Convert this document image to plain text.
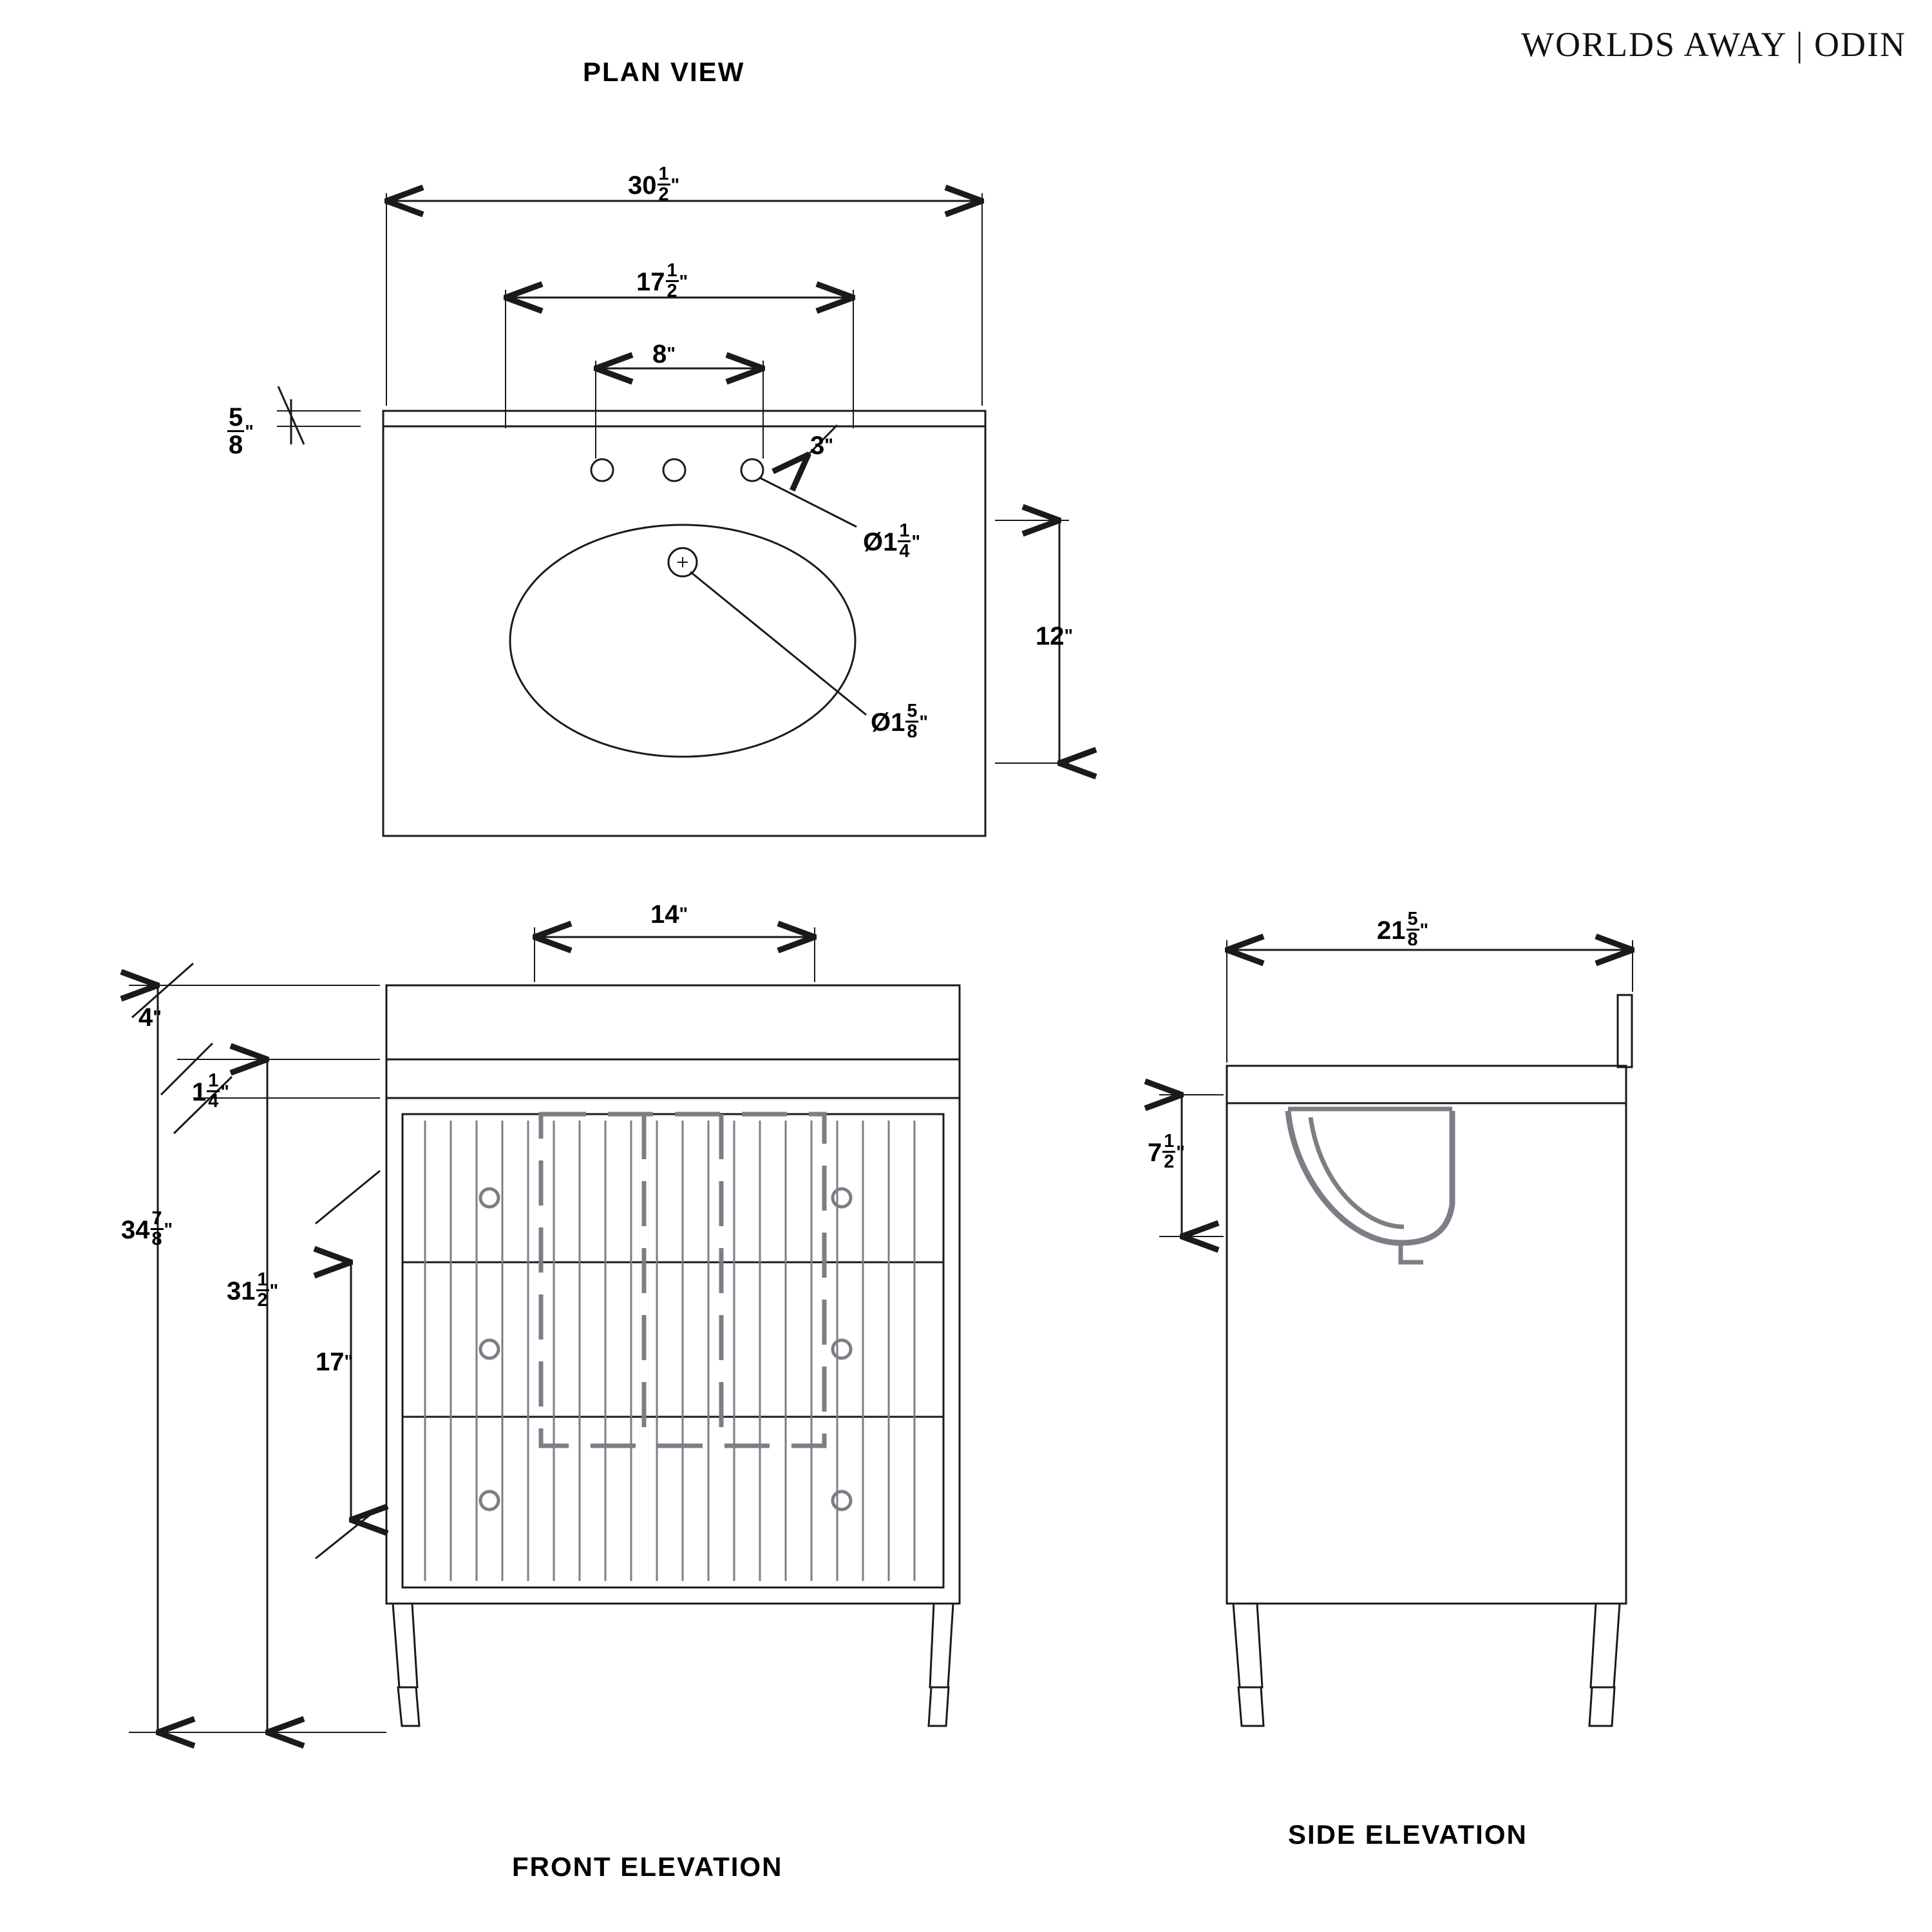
WORLDS AWAY | ODIN
PLAN VIEW
FRONT ELEVATION
SIDE ELEVATION
$30 \frac{1}{2}$ "
$17 \frac{1}{2}$ "
8 "
$\frac{5}{8}$ "	3 "
Ø1 $\frac{1}{4}$ "
Ø1 $\frac{5}{8}$ "
12 "
14 "
4 "
$1 \frac{1}{4}$ "
$34 \frac{7}{8}$ "
$31 \frac{1}{2}$ "
17 "
$21 \frac{5}{8}$ "
$7 \frac{1}{2}$ "
